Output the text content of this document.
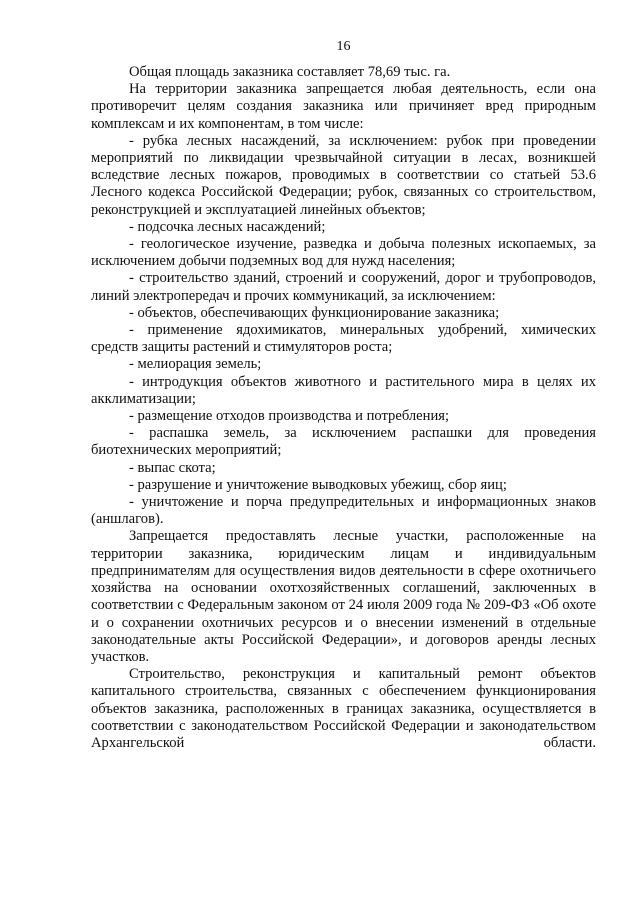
16

Общая площадь заказника составляет 78,69 тыс. га.

На территории заказника запрещается любая деятельность, если она противоречит целям создания заказника или причиняет вред природным комплексам и их компонентам, в том числе:

- рубка лесных насаждений, за исключением: рубок при проведении мероприятий по ликвидации чрезвычайной ситуации в лесах, возникшей вследствие лесных пожаров, проводимых в соответствии со статьей 53.6 Лесного кодекса Российской Федерации; рубок, связанных со строительством, реконструкцией и эксплуатацией линейных объектов;

- подсочка лесных насаждений;

- геологическое изучение, разведка и добыча полезных ископаемых, за исключением добычи подземных вод для нужд населения;

- строительство зданий, строений и сооружений, дорог и трубопроводов, линий электропередач и прочих коммуникаций, за исключением:

- объектов, обеспечивающих функционирование заказника;

- применение ядохимикатов, минеральных удобрений, химических средств защиты растений и стимуляторов роста;

- мелиорация земель;

- интродукция объектов животного и растительного мира в целях их акклиматизации;

- размещение отходов производства и потребления;

- распашка земель, за исключением распашки для проведения биотехнических мероприятий;

- выпас скота;

- разрушение и уничтожение выводковых убежищ, сбор яиц;

- уничтожение и порча предупредительных и информационных знаков (аншлагов).

Запрещается предоставлять лесные участки, расположенные на территории заказника, юридическим лицам и индивидуальным предпринимателям для осуществления видов деятельности в сфере охотничьего хозяйства на основании охотхозяйственных соглашений, заключенных в соответствии с Федеральным законом от 24 июля 2009 года № 209-ФЗ «Об охоте и о сохранении охотничьих ресурсов и о внесении изменений в отдельные законодательные акты Российской Федерации», и договоров аренды лесных участков.

Строительство, реконструкция и капитальный ремонт объектов капитального строительства, связанных с обеспечением функционирования объектов заказника, расположенных в границах заказника, осуществляется в соответствии с законодательством Российской Федерации и законодательством Архангельской области.
